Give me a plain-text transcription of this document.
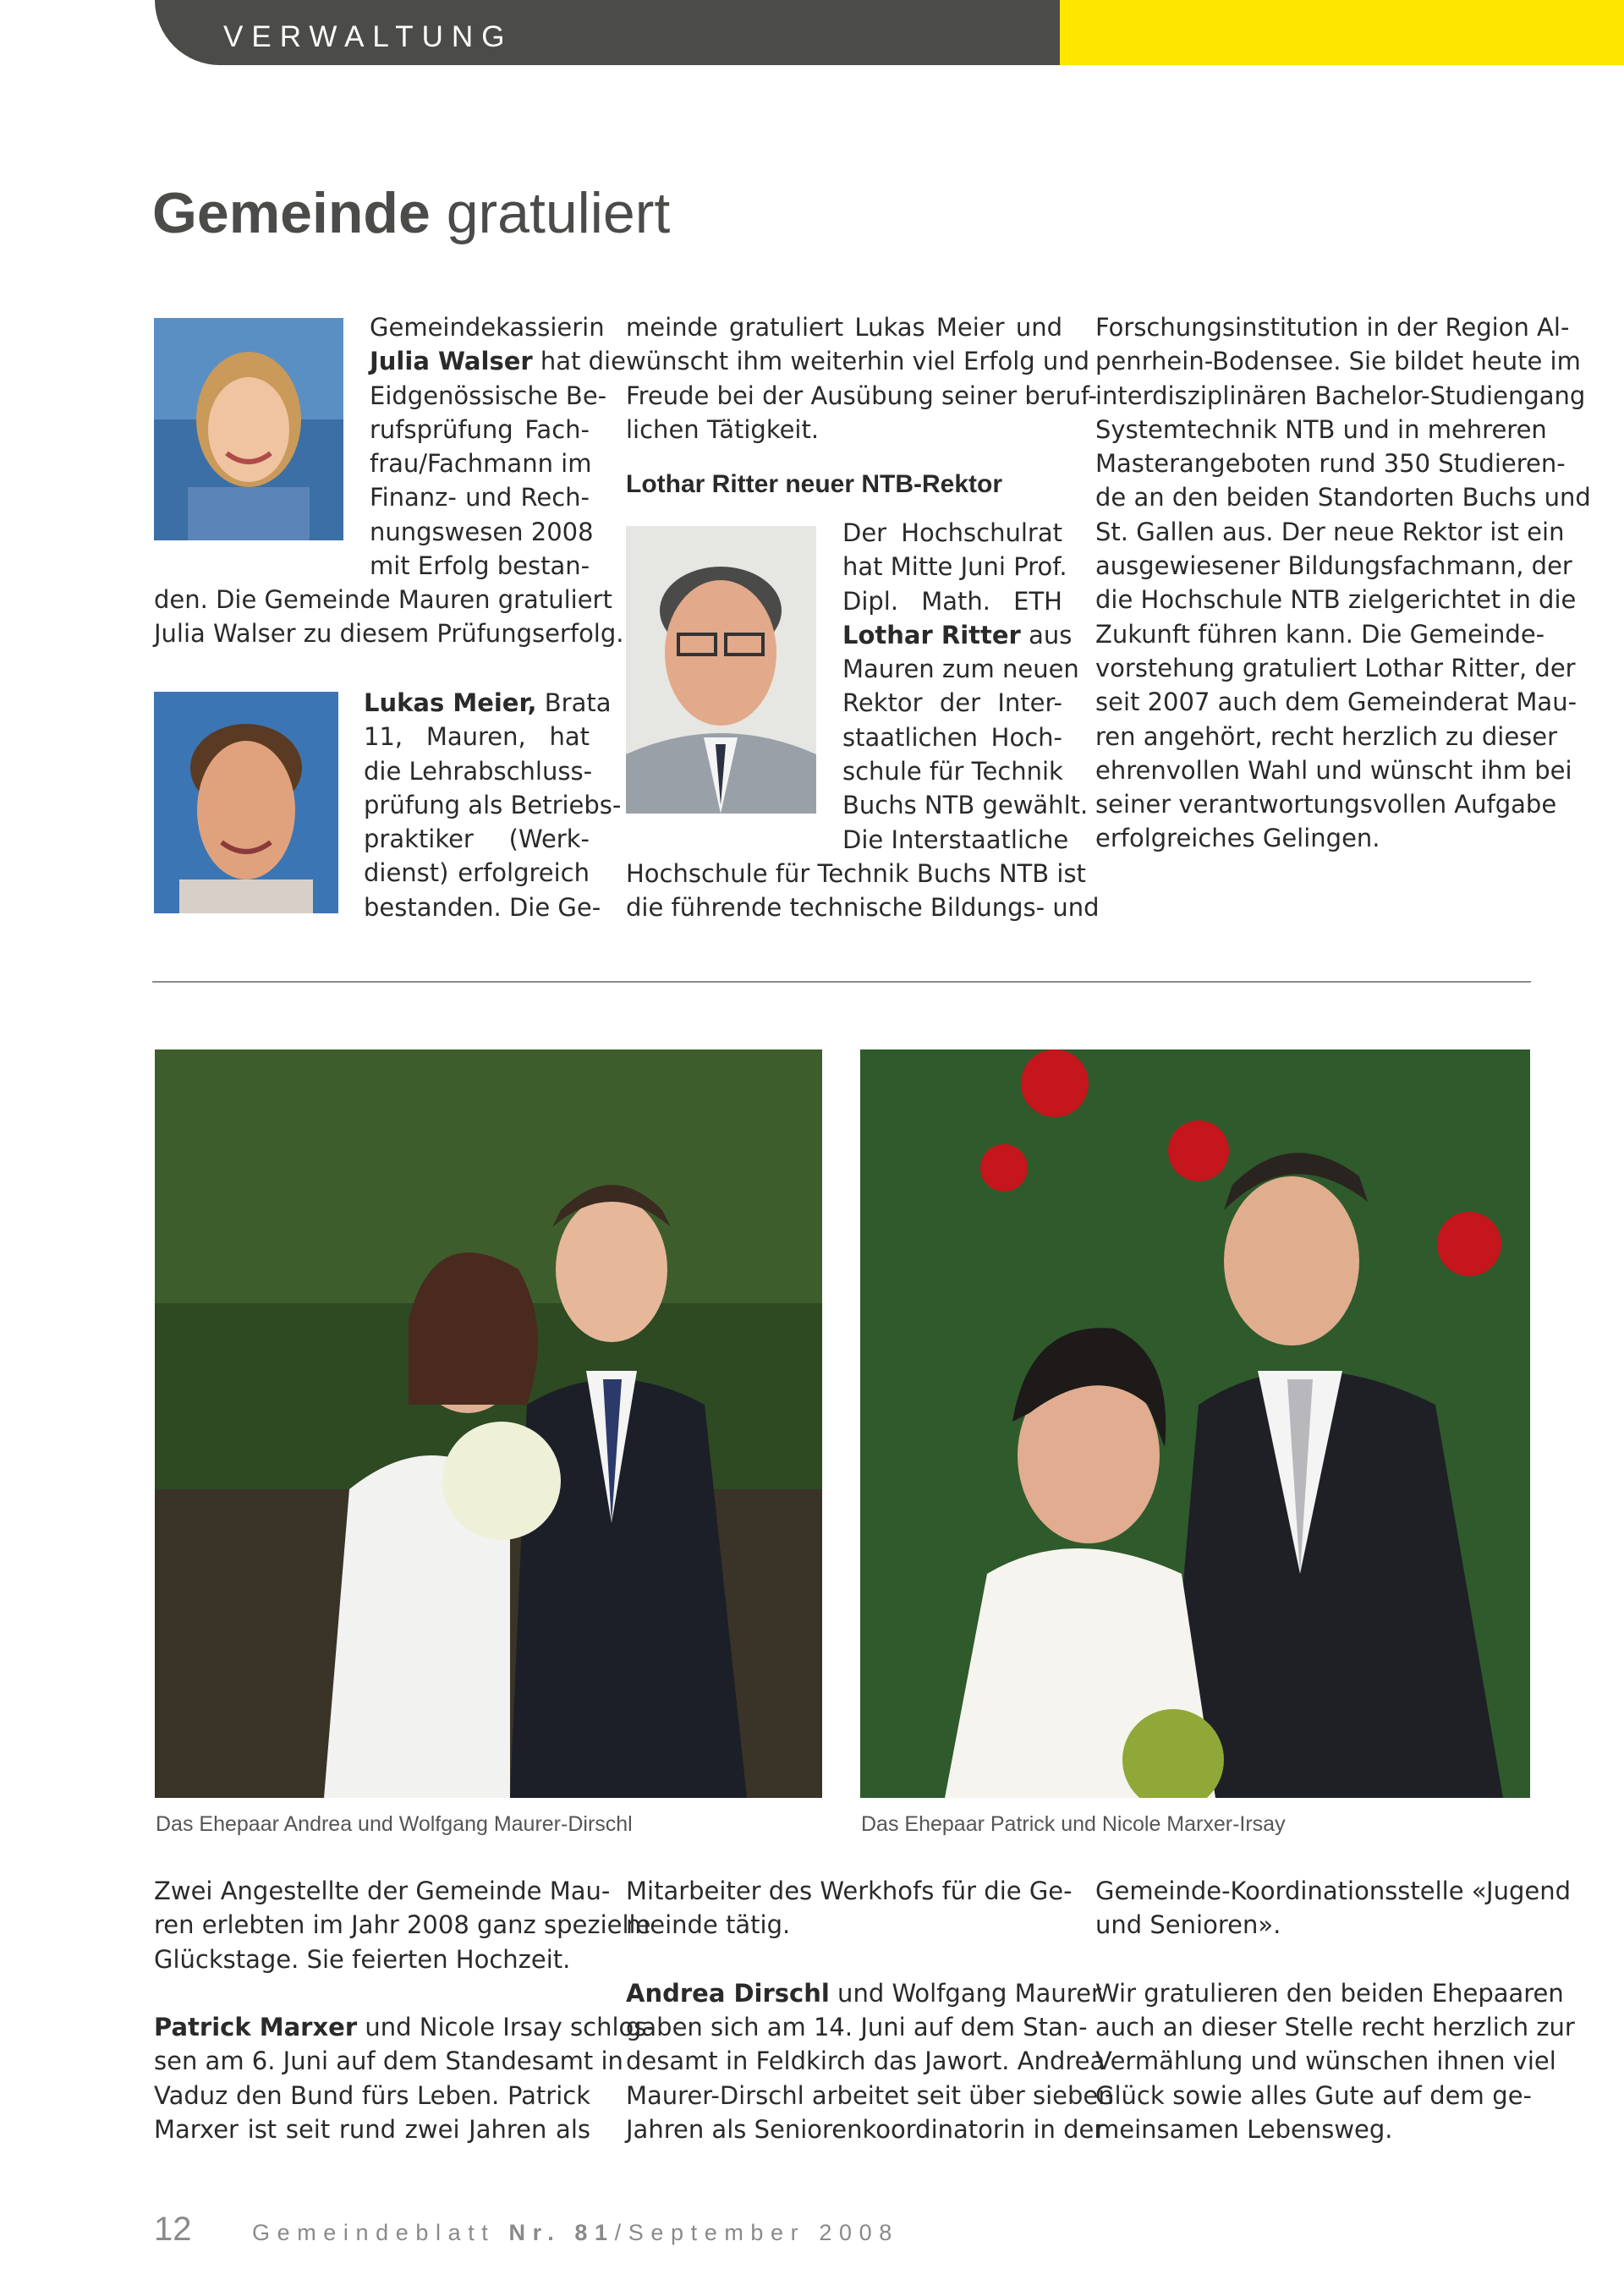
VERWALTUNG
Gemeinde gratuliert
Gemeindekassierin
Julia Walser hat die
Eidgenössische Be-
rufsprüfung Fach-
frau/Fachmann im
Finanz- und Rech-
nungswesen 2008
mit Erfolg bestan-
den. Die Gemeinde Mauren gratuliert
Julia Walser zu diesem Prüfungserfolg.
Lukas Meier, Brata
11, Mauren, hat
die Lehrabschluss-
prüfung als Betriebs-
praktiker (Werk-
dienst) erfolgreich
bestanden. Die Ge-
meinde gratuliert Lukas Meier und
wünscht ihm weiterhin viel Erfolg und
Freude bei der Ausübung seiner beruf-
lichen Tätigkeit.
Lothar Ritter neuer NTB-Rektor
Der Hochschulrat
hat Mitte Juni Prof.
Dipl. Math. ETH
Lothar Ritter aus
Mauren zum neuen
Rektor der Inter-
staatlichen Hoch-
schule für Technik
Buchs NTB gewählt.
Die Interstaatliche
Hochschule für Technik Buchs NTB ist
die führende technische Bildungs- und
Forschungsinstitution in der Region Al-
penrhein-Bodensee. Sie bildet heute im
interdisziplinären Bachelor-Studiengang
Systemtechnik NTB und in mehreren
Masterangeboten rund 350 Studieren-
de an den beiden Standorten Buchs und
St. Gallen aus. Der neue Rektor ist ein
ausgewiesener Bildungsfachmann, der
die Hochschule NTB zielgerichtet in die
Zukunft führen kann. Die Gemeinde-
vorstehung gratuliert Lothar Ritter, der
seit 2007 auch dem Gemeinderat Mau-
ren angehört, recht herzlich zu dieser
ehrenvollen Wahl und wünscht ihm bei
seiner verantwortungsvollen Aufgabe
erfolgreiches Gelingen.
Das Ehepaar Andrea und Wolfgang Maurer-Dirschl	Das Ehepaar Patrick und Nicole Marxer-Irsay
Zwei Angestellte der Gemeinde Mau-
ren erlebten im Jahr 2008 ganz spezielle
Glückstage. Sie feierten Hochzeit.
Patrick Marxer und Nicole Irsay schlos-
sen am 6. Juni auf dem Standesamt in
Vaduz den Bund fürs Leben. Patrick
Marxer ist seit rund zwei Jahren als
Mitarbeiter des Werkhofs für die Ge-
meinde tätig.
Andrea Dirschl und Wolfgang Maurer
gaben sich am 14. Juni auf dem Stan-
desamt in Feldkirch das Jawort. Andrea
Maurer-Dirschl arbeitet seit über sieben
Jahren als Seniorenkoordinatorin in der
Gemeinde-Koordinationsstelle «Jugend
und Senioren».
Wir gratulieren den beiden Ehepaaren
auch an dieser Stelle recht herzlich zur
Vermählung und wünschen ihnen viel
Glück sowie alles Gute auf dem ge-
meinsamen Lebensweg.
12	Gemeindeblatt Nr. 81/September 2008
